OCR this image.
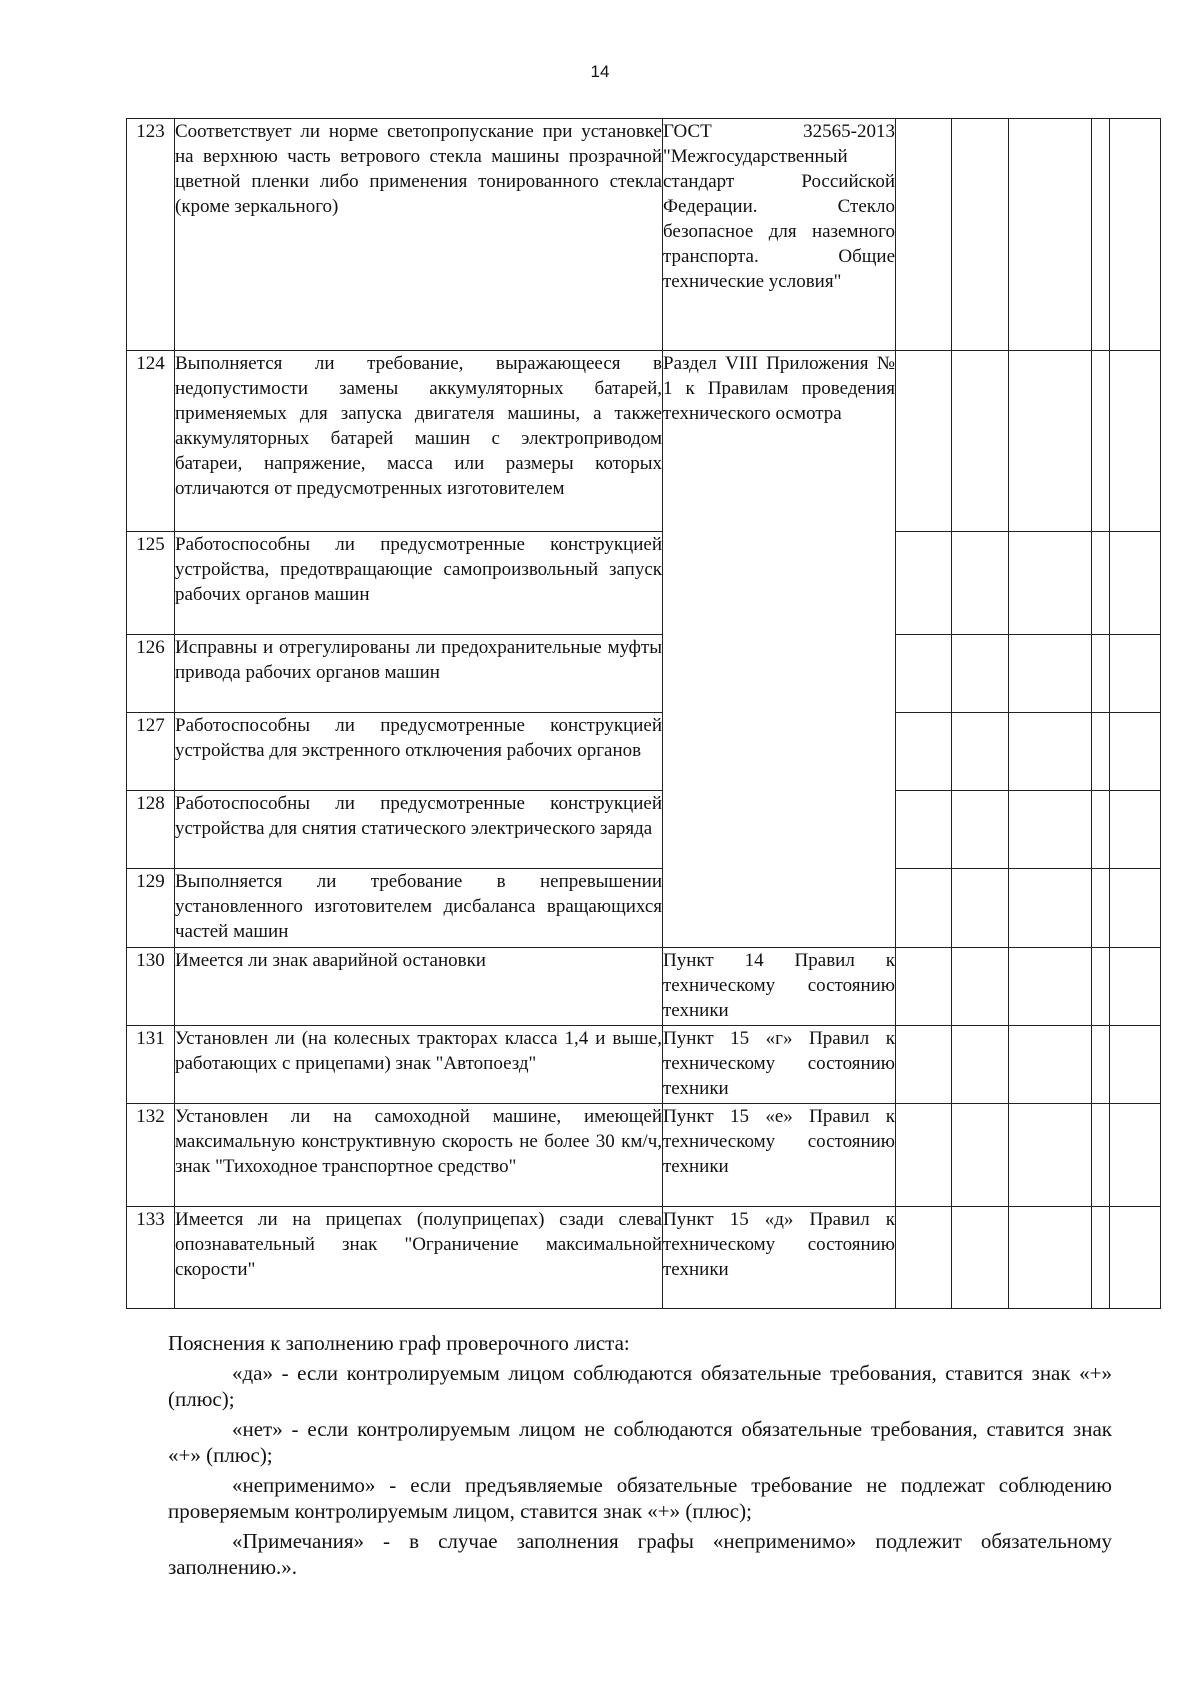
14
123	Соответствует ли норме светопропускание при установке на верхнюю часть ветрового стекла машины прозрачной цветной пленки либо применения тонированного стекла (кроме зеркального)	ГОСТ 32565-2013 "Межгосударственный стандарт Российской Федерации. Стекло безопасное для наземного транспорта. Общие технические условия"					
124	Выполняется ли требование, выражающееся в недопустимости замены аккумуляторных батарей, применяемых для запуска двигателя машины, а также аккумуляторных батарей машин с электроприводом батареи, напряжение, масса или размеры которых отличаются от предусмотренных изготовителем	Раздел VIII Приложения № 1 к Правилам проведения технического осмотра					
125	Работоспособны ли предусмотренные конструкцией устройства, предотвращающие самопроизвольный запуск рабочих органов машин						
126	Исправны и отрегулированы ли предохранительные муфты привода рабочих органов машин						
127	Работоспособны ли предусмотренные конструкцией устройства для экстренного отключения рабочих органов						
128	Работоспособны ли предусмотренные конструкцией устройства для снятия статического электрического заряда						
129	Выполняется ли требование в непревышении установленного изготовителем дисбаланса вращающихся частей машин						
130	Имеется ли знак аварийной остановки	Пункт 14 Правил к техническому состоянию техники					
131	Установлен ли (на колесных тракторах класса 1,4 и выше, работающих с прицепами) знак "Автопоезд"	Пункт 15 «г» Правил к техническому состоянию техники					
132	Установлен ли на самоходной машине, имеющей максимальную конструктивную скорость не более 30 км/ч, знак "Тихоходное транспортное средство"	Пункт 15 «е» Правил к техническому состоянию техники					
133	Имеется ли на прицепах (полуприцепах) сзади слева опознавательный знак "Ограничение максимальной скорости"	Пункт 15 «д» Правил к техническому состоянию техники					

Пояснения к заполнению граф проверочного листа:

«да» - если контролируемым лицом соблюдаются обязательные требования, ставится знак «+» (плюс);

«нет» - если контролируемым лицом не соблюдаются обязательные требования, ставится знак «+» (плюс);

«неприменимо» - если предъявляемые обязательные требование не подлежат соблюдению проверяемым контролируемым лицом, ставится знак «+» (плюс);

«Примечания» - в случае заполнения графы «неприменимо» подлежит обязательному заполнению.».
